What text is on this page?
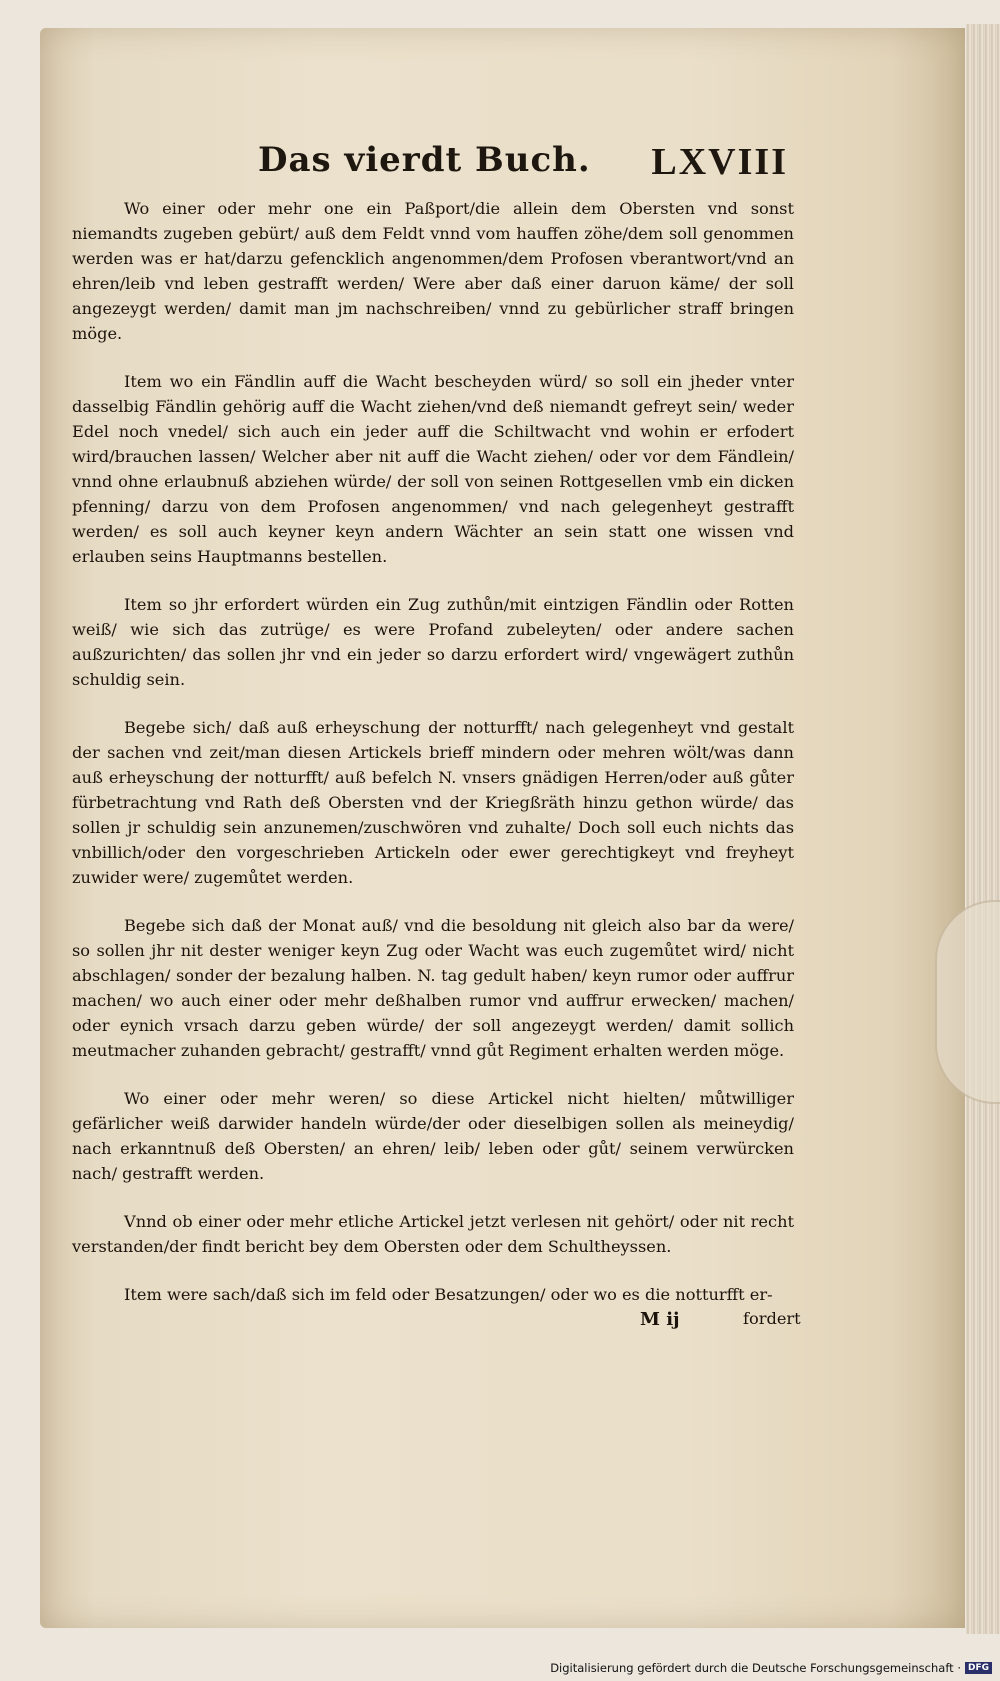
Das vierdt Buch. LXVIII

Wo einer oder mehr one ein Paßport/die allein dem Obersten vnd sonst niemandts zugeben gebürt/ auß dem Feldt vnnd vom hauffen zöhe/dem soll genommen werden was er hat/darzu gefencklich angenommen/dem Profosen vberantwort/vnd an ehren/leib vnd leben gestrafft werden/ Were aber daß einer daruon käme/ der soll angezeygt werden/ damit man jm nachschreiben/ vnnd zu gebürlicher straff bringen möge.

Item wo ein Fändlin auff die Wacht bescheyden würd/ so soll ein jheder vnter dasselbig Fändlin gehörig auff die Wacht ziehen/vnd deß niemandt gefreyt sein/ weder Edel noch vnedel/ sich auch ein jeder auff die Schiltwacht vnd wohin er erfodert wird/brauchen lassen/ Welcher aber nit auff die Wacht ziehen/ oder vor dem Fändlein/ vnnd ohne erlaubnuß abziehen würde/ der soll von seinen Rottgesellen vmb ein dicken pfenning/ darzu von dem Profosen angenommen/ vnd nach gelegenheyt gestrafft werden/ es soll auch keyner keyn andern Wächter an sein statt one wissen vnd erlauben seins Hauptmanns bestellen.

Item so jhr erfordert würden ein Zug zuthůn/mit eintzigen Fändlin oder Rotten weiß/ wie sich das zutrüge/ es were Profand zubeleyten/ oder andere sachen außzurichten/ das sollen jhr vnd ein jeder so darzu erfordert wird/ vngewägert zuthůn schuldig sein.

Begebe sich/ daß auß erheyschung der notturfft/ nach gelegenheyt vnd gestalt der sachen vnd zeit/man diesen Artickels brieff mindern oder mehren wölt/was dann auß erheyschung der notturfft/ auß befelch N. vnsers gnädigen Herren/oder auß gůter fürbetrachtung vnd Rath deß Obersten vnd der Kriegßräth hinzu gethon würde/ das sollen jr schuldig sein anzunemen/zuschwören vnd zuhalte/ Doch soll euch nichts das vnbillich/oder den vorgeschrieben Artickeln oder ewer gerechtigkeyt vnd freyheyt zuwider were/ zugemůtet werden.

Begebe sich daß der Monat auß/ vnd die besoldung nit gleich also bar da were/ so sollen jhr nit dester weniger keyn Zug oder Wacht was euch zugemůtet wird/ nicht abschlagen/ sonder der bezalung halben. N. tag gedult haben/ keyn rumor oder auffrur machen/ wo auch einer oder mehr deßhalben rumor vnd auffrur erwecken/ machen/ oder eynich vrsach darzu geben würde/ der soll angezeygt werden/ damit sollich meutmacher zuhanden gebracht/ gestrafft/ vnnd gůt Regiment erhalten werden möge.

Wo einer oder mehr weren/ so diese Artickel nicht hielten/ můtwilliger gefärlicher weiß darwider handeln würde/der oder dieselbigen sollen als meineydig/ nach erkanntnuß deß Obersten/ an ehren/ leib/ leben oder gůt/ seinem verwürcken nach/ gestrafft werden.

Vnnd ob einer oder mehr etliche Artickel jetzt verlesen nit gehört/ oder nit recht verstanden/der findt bericht bey dem Obersten oder dem Schultheyssen.

Item were sach/daß sich im feld oder Besatzungen/ oder wo es die notturfft er-

M ij	fordert
Digitalisierung gefördert durch die Deutsche Forschungsgemeinschaft · DFG
